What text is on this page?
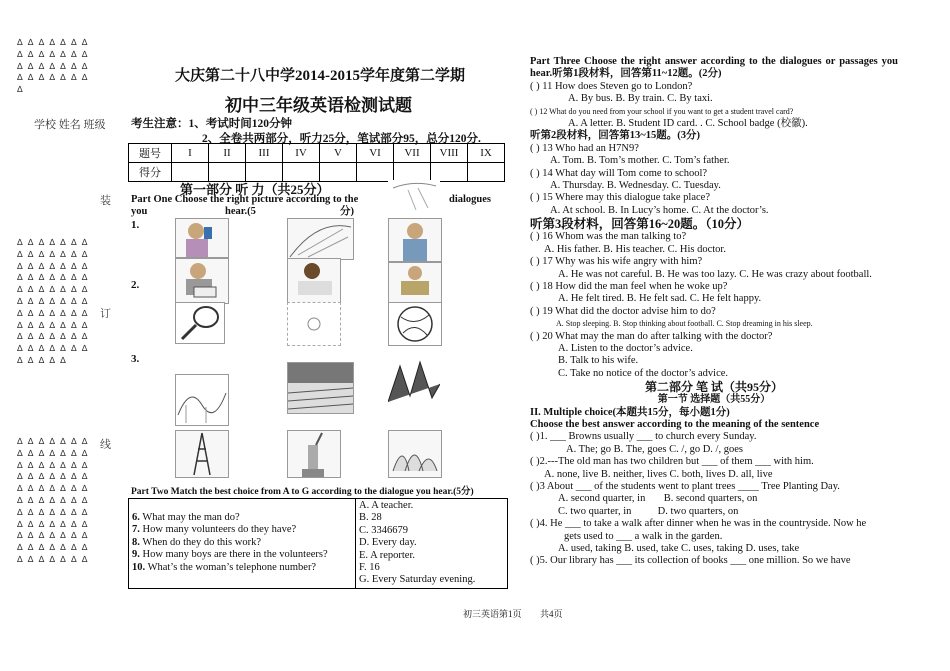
∆ ∆ ∆ ∆ ∆ ∆ ∆ ∆ ∆ ∆ ∆ ∆ ∆ ∆ ∆ ∆ ∆ ∆ ∆ ∆ ∆ ∆ ∆ ∆ ∆ ∆ ∆ ∆ ∆
学校 姓名 班级
装
订
线
∆ ∆ ∆ ∆ ∆ ∆ ∆ ∆ ∆ ∆ ∆ ∆ ∆ ∆ ∆ ∆ ∆ ∆ ∆ ∆ ∆ ∆ ∆ ∆ ∆ ∆ ∆ ∆ ∆ ∆ ∆ ∆ ∆ ∆ ∆ ∆ ∆ ∆ ∆ ∆ ∆ ∆ ∆ ∆ ∆ ∆ ∆ ∆ ∆ ∆ ∆ ∆ ∆ ∆ ∆ ∆ ∆ ∆ ∆ ∆ ∆ ∆ ∆ ∆ ∆ ∆ ∆ ∆ ∆ ∆ ∆ ∆ ∆ ∆ ∆
∆ ∆ ∆ ∆ ∆ ∆ ∆ ∆ ∆ ∆ ∆ ∆ ∆ ∆ ∆ ∆ ∆ ∆ ∆ ∆ ∆ ∆ ∆ ∆ ∆ ∆ ∆ ∆ ∆ ∆ ∆ ∆ ∆ ∆ ∆ ∆ ∆ ∆ ∆ ∆ ∆ ∆ ∆ ∆ ∆ ∆ ∆ ∆ ∆ ∆ ∆ ∆ ∆ ∆ ∆ ∆ ∆ ∆ ∆ ∆ ∆ ∆ ∆ ∆ ∆ ∆ ∆ ∆ ∆ ∆ ∆ ∆ ∆ ∆ ∆ ∆ ∆
大庆第二十八中学2014-2015学年度第二学期
初中三年级英语检测试题
考生注意：1、考试时间120分钟
2、全卷共两部分，听力25分，笔试部分95，总分120分.
题号	I	II	III	IV	V	VI	VII	VIII	IX
得分									
第一部分 听 力（共25分）
Part One Choose the right picture according to the	dialogues
you	hear.(5	分)
1.
2.
3.
Part Two Match the best choice from A to G according to the dialogue you hear.(5分)
6. What may the man do?
7. How many volunteers do they have?
8. When do they do this work?
9. How many boys are there in the volunteers?
10. What’s the woman’s telephone number?

A. A teacher.
B. 28
C. 3346679
D. Every day.
E. A reporter.
F. 16
G. Every Saturday evening.
Part Three Choose the right answer according to the dialogues or passages you hear.听第1段材料，回答第11~12题。(2分)
( ) 11 How does Steven go to London?
A. By bus. B. By train. C. By taxi.
( ) 12 What do you need from your school if you want to get a student travel card?
A. A letter. B. Student ID card. . C. School badge (校徽).
听第2段材料，回答第13~15题。(3分)
( ) 13 Who had an H7N9?
A. Tom. B. Tom’s mother. C. Tom’s father.
( ) 14 What day will Tom come to school?
A. Thursday. B. Wednesday. C. Tuesday.
( ) 15 Where may this dialogue take place?
A. At school. B. In Lucy’s home. C. At the doctor’s.
听第3段材料，回答第16~20题。（10分）
( ) 16 Whom was the man talking to?
A. His father. B. His teacher. C. His doctor.
( ) 17 Why was his wife angry with him?
A. He was not careful. B. He was too lazy. C. He was crazy about football.
( ) 18 How did the man feel when he woke up?
A. He felt tired. B. He felt sad. C. He felt happy.
( ) 19 What did the doctor advise him to do?
A. Stop sleeping. B. Stop thinking about football. C. Stop dreaming in his sleep.
( ) 20 What may the man do after talking with the doctor?
A. Listen to the doctor’s advice.
B. Talk to his wife.
C. Take no notice of the doctor’s advice.
第二部分 笔 试（共95分）
第一节 选择题（共55分）
II. Multiple choice(本题共15分，每小题1分)
Choose the best answer according to the meaning of the sentence
( )1. ___ Browns usually ___ to church every Sunday.
A. The; go B. The, goes C. /, go D. /, goes
( )2.---The old man has two children but ___ of them ___ with him.
A. none, live B. neither, lives C. both, lives D. all, live
( )3 About ___ of the students went to plant trees ____ Tree Planting Day.
A. second quarter, in       B. second quarters, on
C. two quarter, in          D. two quarters, on
( )4. He ___ to take a walk after dinner when he was in the countryside. Now he
gets used to ___ a walk in the garden.
A. used, taking B. used, take C. uses, taking D. uses, take
( )5. Our library has ___ its collection of books ___ one million. So we have
初三英语第1页 共4页
